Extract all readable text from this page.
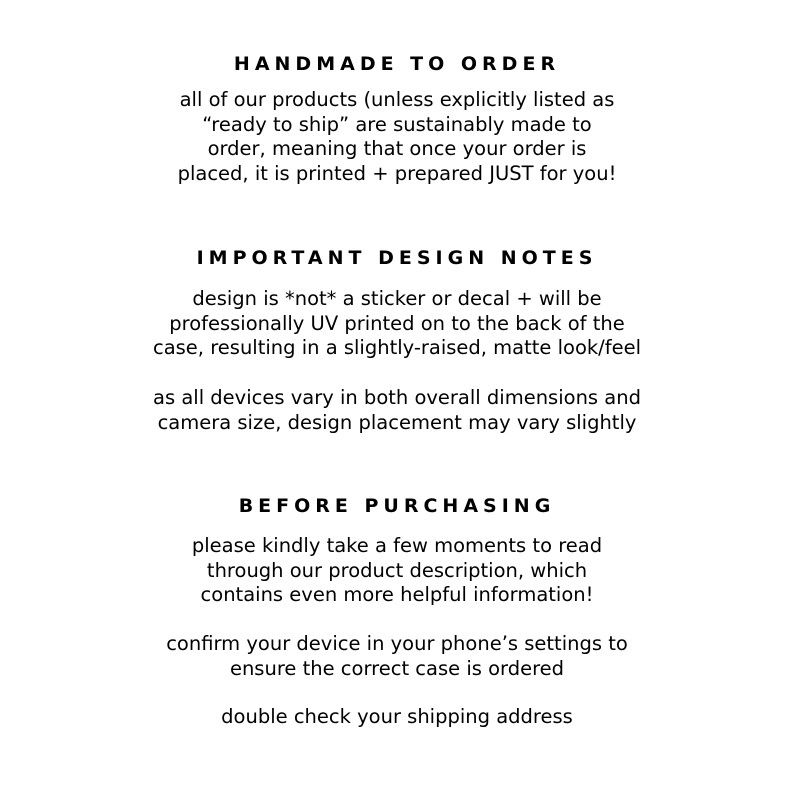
HANDMADE TO ORDER
all of our products (unless explicitly listed as
“ready to ship” are sustainably made to
order, meaning that once your order is
placed, it is printed + prepared JUST for you!
IMPORTANT DESIGN NOTES
design is *not* a sticker or decal + will be
professionally UV printed on to the back of the
case, resulting in a slightly-raised, matte look/feel
as all devices vary in both overall dimensions and
camera size, design placement may vary slightly
BEFORE PURCHASING
please kindly take a few moments to read
through our product description, which
contains even more helpful information!
confirm your device in your phone’s settings to
ensure the correct case is ordered
double check your shipping address
